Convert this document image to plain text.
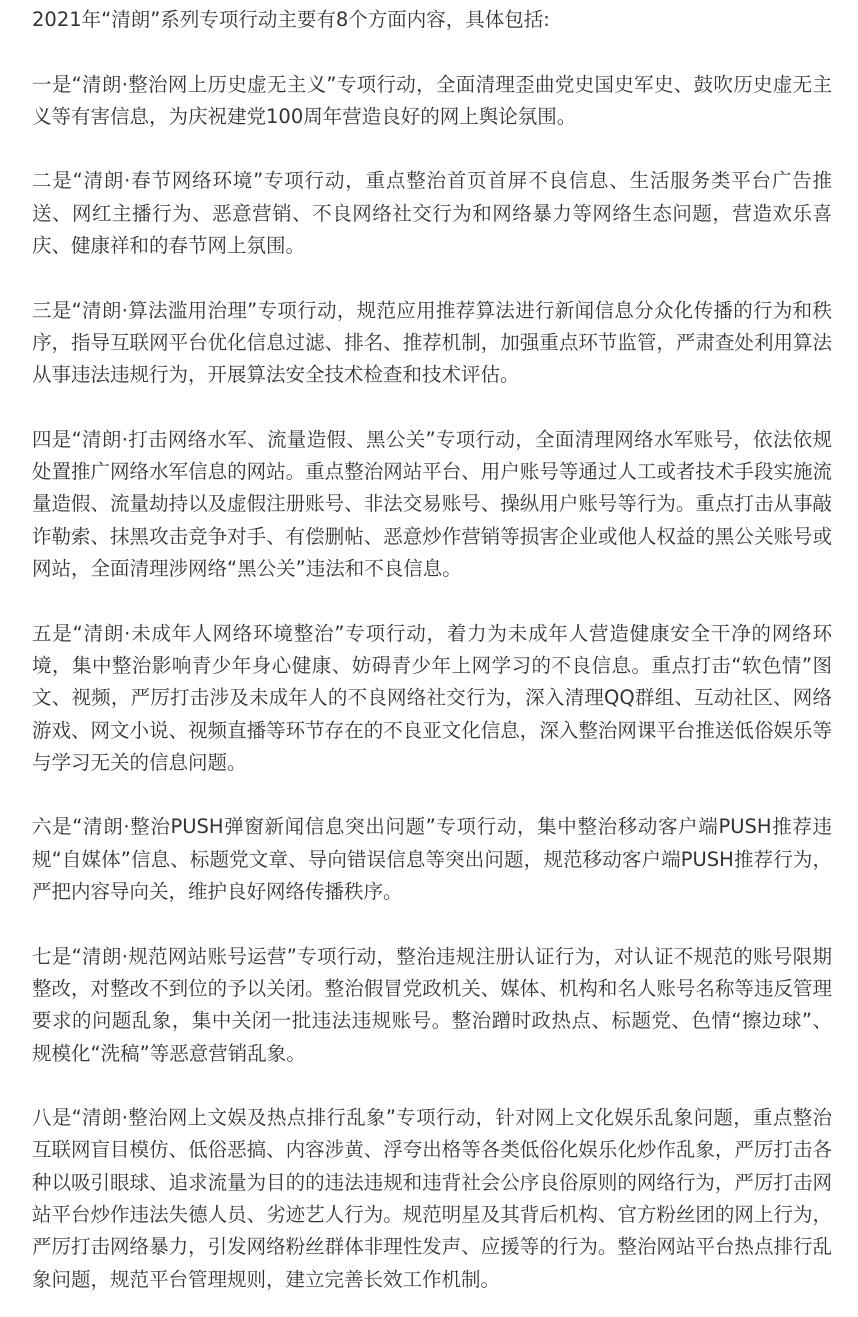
2021年“清朗”系列专项行动主要有8个方面内容，具体包括:

一是“清朗·整治网上历史虚无主义”专项行动，全面清理歪曲党史国史军史、鼓吹历史虚无主义等有害信息，为庆祝建党100周年营造良好的网上舆论氛围。

二是“清朗·春节网络环境”专项行动，重点整治首页首屏不良信息、生活服务类平台广告推送、网红主播行为、恶意营销、不良网络社交行为和网络暴力等网络生态问题，营造欢乐喜庆、健康祥和的春节网上氛围。

三是“清朗·算法滥用治理”专项行动，规范应用推荐算法进行新闻信息分众化传播的行为和秩序，指导互联网平台优化信息过滤、排名、推荐机制，加强重点环节监管，严肃查处利用算法从事违法违规行为，开展算法安全技术检查和技术评估。

四是“清朗·打击网络水军、流量造假、黑公关”专项行动，全面清理网络水军账号，依法依规处置推广网络水军信息的网站。重点整治网站平台、用户账号等通过人工或者技术手段实施流量造假、流量劫持以及虚假注册账号、非法交易账号、操纵用户账号等行为。重点打击从事敲诈勒索、抹黑攻击竞争对手、有偿删帖、恶意炒作营销等损害企业或他人权益的黑公关账号或网站，全面清理涉网络“黑公关”违法和不良信息。

五是“清朗·未成年人网络环境整治”专项行动，着力为未成年人营造健康安全干净的网络环境，集中整治影响青少年身心健康、妨碍青少年上网学习的不良信息。重点打击“软色情”图文、视频，严厉打击涉及未成年人的不良网络社交行为，深入清理QQ群组、互动社区、网络游戏、网文小说、视频直播等环节存在的不良亚文化信息，深入整治网课平台推送低俗娱乐等与学习无关的信息问题。

六是“清朗·整治PUSH弹窗新闻信息突出问题”专项行动，集中整治移动客户端PUSH推荐违规“自媒体”信息、标题党文章、导向错误信息等突出问题，规范移动客户端PUSH推荐行为，严把内容导向关，维护良好网络传播秩序。

七是“清朗·规范网站账号运营”专项行动，整治违规注册认证行为，对认证不规范的账号限期整改，对整改不到位的予以关闭。整治假冒党政机关、媒体、机构和名人账号名称等违反管理要求的问题乱象，集中关闭一批违法违规账号。整治蹭时政热点、标题党、色情“擦边球”、规模化“洗稿”等恶意营销乱象。

八是“清朗·整治网上文娱及热点排行乱象”专项行动，针对网上文化娱乐乱象问题，重点整治互联网盲目模仿、低俗恶搞、内容涉黄、浮夸出格等各类低俗化娱乐化炒作乱象，严厉打击各种以吸引眼球、追求流量为目的的违法违规和违背社会公序良俗原则的网络行为，严厉打击网站平台炒作违法失德人员、劣迹艺人行为。规范明星及其背后机构、官方粉丝团的网上行为，严厉打击网络暴力，引发网络粉丝群体非理性发声、应援等的行为。整治网站平台热点排行乱象问题，规范平台管理规则，建立完善长效工作机制。
